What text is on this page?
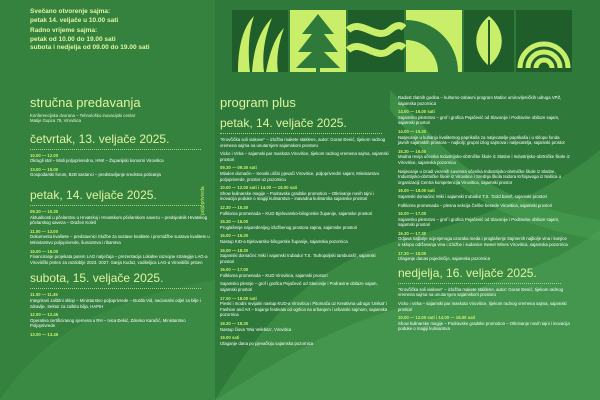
Svečano otvorenje sajma:
petak 14. veljače u 10.00 sati
Radno vrijeme sajma:
petak od 10.00 do 19.00 sati
subota i nedjelja od 09.00 do 19.00 sati
stručna predavanja
Konferencijska dvorana – Tehnološko inovacijski centar
Matije Gupca 78, Virovitica
četvrtak, 13. veljače 2025.
10.00 — 12.00
Okrugli stol – Misli poljoprivredno, HNK – Županijski komorni Virovitica
13.00 — 15.00
Gospodarski forum, B2B sastanci – predstavljanje sredstva poticanja
petak, 14. veljače 2025.
09.30 — 10.30
Aktualnosti u pčelarstvu u Hrvatskoj i Hrvatskom pčelarskom savezu – predsjednik Hrvatskog pčelarskog saveza – Dražen Koleš
11.00 — 13.00
Dokumenta kvalitete – predstavnici Službe za sustave kvalitete i promidžbe sustava kvalitete u Ministarstvu poljoprivrede, šumarstva i ribarstva
15.00 — 16.00
Financiranje projekata putem LAG natječaja – prezentacija Lokalne razvojne strategije LAG-a Virovitički prsten za razdoblje 2023.-2027. Sanja Kuduz, voditeljica LAG-a Virovitički prsten
subota, 15. veljače 2025.
11.00 — 11.45
Integrirani zaštitni sklop – Ministarstvo poljoprivrede – Đurđa Vid, nacionalni odjel za bilje i zdravlje, Sektor za zaštitu bilja, HAPIH
12.00 — 12.45
Operativa certificiranog sjemena u RH – Ivica Đekić, Zdenko Karačić, Ministarstvo Poljoprivrede
13.00 — 13.45
poljoprivreda
program plus
petak, 14. veljače 2025.
"Krovčička soli viakove" – izložba makete staklene, autor: Goran Đenić, tijekom radnog vremena sajma na unutarnjem sajamskom prostoru
Vicko i Virka – sajamski par maskota Virovitice, tijekom radnog vremena sajma, sajamski prostori
09.30 — 09.30 sati
Mladen domaćin – Seoski ulični pjevači Virovitice, poljoprivredni sajam; Ministarstvo poljoprivrede, prostor uz pozornicu
10.00 — 12.00 sati i 14.00 — 16.00 sati
Show kulinarske magije – Podravske gradske promotion – Otkrivanje novih tajni i inovacija poduke o magiji kulinarstva – inavadna kulinarska sajamske prostori
12.30 — 15.30
Folklorna promenada – KUD Bjelovarsko-bilogorske županije, sajamske prostori
15.30 — 16.00
Proglašenje najuređenijeg izložbenog prostora sajma, sajamske prostori
16.00 — 16.30
Nastup KID-a Bjelovarsko-bilogorske županije, sajamska pozornica
16.00 — 18.30
Sajamski domaćini: Miki i sajamski trubadur T.S. 'Suhopoljski tamburaši', sajamski prostori
16.00 — 17.00
Folklorna promenada – KUD Virovitica, sajamski prostori
Sajamsko plesnje – grof i grofica Pejačević od Slavonije i Podravine obilaze sajam, sajamski prostori
17.00 — 18.00 sati
Pieski i modni revijalni nastup KUD-a Virovitica i Pitomača uz Kreativna udruga 'Unikat' i Fashion and Art – trajanje festivala od ogrlica na urbanjem i urbanski sajmom, sajamska pozornica
18.30 — 18.30
Nastup čiova 'Wia Velebita', Virovitica
19.00 sati
Izlaganje dana po pjevačkiju sajamska pozornica
Radost zlatnih godina – kulturno-zabavni program Matice umirovljeničkih udruga VPŽ, sajamska pozornica
14.00 — 16.00 sati
Sajamsko plemstvo – grof i grofica Pejačević od Slavonije i Podravine obilaze sajam, sajamski prostori
14.00 — 15.30
Natjecanje u kuhanju kvalitetnog paprikaša za natjecatelje paprikaša i u sklopu fonda javnih sajamskih prostora – najbolji; grupni izlog sajmova i natjecatelja, sajamski prostor
15.30 — 16.00
Modna revija učenika Industrijsko-obrtničke škole iz Slatine i Industrijsko-obrtničke škole iz Virovitice, sajamska pozornica
Natjecanje u izradi vezenih suvenira učenika Industrijsko-obrtničke škole iz Slatine, Industrijsko-obrtničke škole iz Virovitice i Srednja škola Isidora Kršnjavoga iz Našica u organizaciji Centra kompetencija Virovitica, sajamski prostor
16.00 — 18.00 sati
Sajamski domaćini: Miki i sajamski trubadur T.S. 'Gold band', sajamski prostori
Folklorna promenada – plesna sekcija Češke besede Virovitica, sajamski prostori
16.00 — 17.00
Sajamsko plemstvo – grof i grofica Pejačević od Slavonije i Podravine obilaze sajam, sajamski prostori
16.30 — 17.30
Odjava najbolje ocjenjenoga uzoraka meda i proglašenje Sajmenih najbolje vina i konjice u sklopu održavanja vina i izložbe i sudanice Sweet Wines Virovitica, sajamska pozornica
17.30 — 18.00
Izlaganje danas pojedinčije, sajamska pozornica
nedjelja, 16. veljače 2025.
"Krovčička soli viakove" – izložba makete staklene, autor: Goran Đenić, tijekom radnog vremena sajma na unutarnjem sajamskom prostoru
Vicko i Virka – sajamski par maskota Virovitice, tijekom radnog vremena sajma, sajamski prostori
10.00 — 12.00 sati i 14.00 — 16.00 sati
Show kulinarske magije – Podravske gradske promotion – Otkrivanje novih tajni i inovacija poduke o magiji kulinarstva
